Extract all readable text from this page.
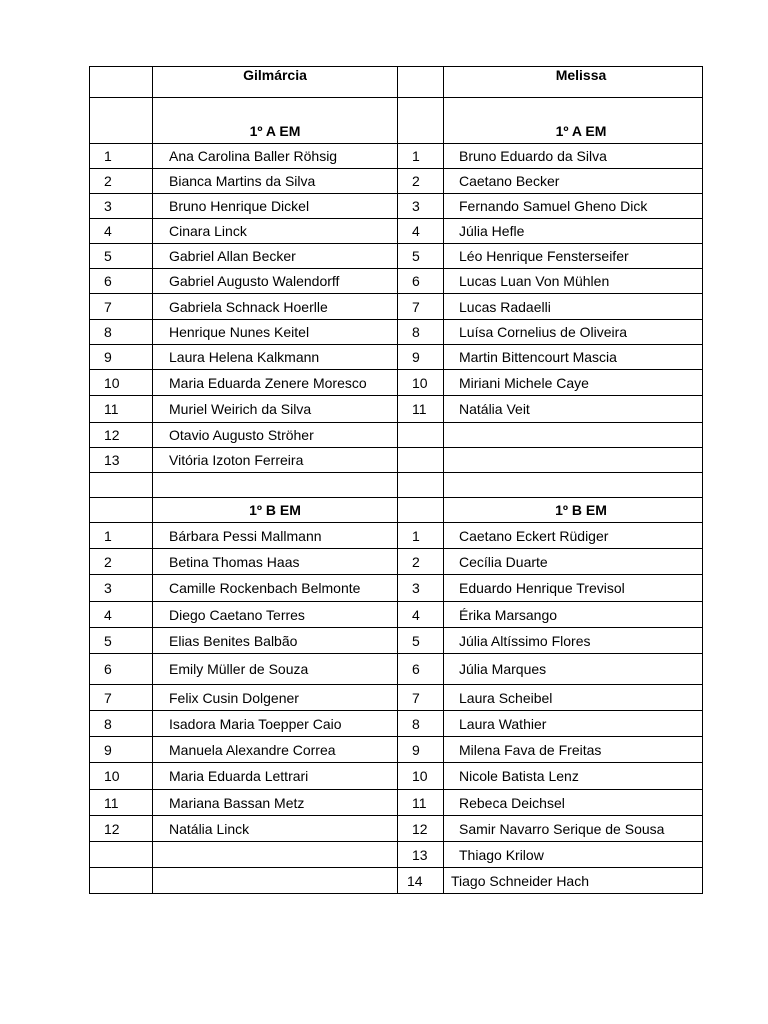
	Gilmárcia		Melissa
	1º A EM		1º A EM
1	Ana Carolina Baller Röhsig	1	Bruno Eduardo da Silva
2	Bianca Martins da Silva	2	Caetano Becker
3	Bruno Henrique Dickel	3	Fernando Samuel Gheno Dick
4	Cinara Linck	4	Júlia Hefle
5	Gabriel Allan Becker	5	Léo Henrique Fensterseifer
6	Gabriel Augusto Walendorff	6	Lucas Luan Von Mühlen
7	Gabriela Schnack Hoerlle	7	Lucas Radaelli
8	Henrique Nunes Keitel	8	Luísa Cornelius de Oliveira
9	Laura Helena Kalkmann	9	Martin Bittencourt Mascia
10	Maria Eduarda Zenere Moresco	10	Miriani Michele Caye
11	Muriel Weirich da Silva	11	Natália Veit
12	Otavio Augusto Ströher		
13	Vitória Izoton Ferreira		

	1º B EM		1º B EM
1	Bárbara Pessi Mallmann	1	Caetano Eckert Rüdiger
2	Betina Thomas Haas	2	Cecília Duarte
3	Camille Rockenbach Belmonte	3	Eduardo Henrique Trevisol
4	Diego Caetano Terres	4	Érika Marsango
5	Elias Benites Balbão	5	Júlia Altíssimo Flores
6	Emily Müller de Souza	6	Júlia Marques
7	Felix Cusin Dolgener	7	Laura Scheibel
8	Isadora Maria Toepper Caio	8	Laura Wathier
9	Manuela Alexandre Correa	9	Milena Fava de Freitas
10	Maria Eduarda Lettrari	10	Nicole Batista Lenz
11	Mariana Bassan Metz	11	Rebeca Deichsel
12	Natália Linck	12	Samir Navarro Serique de Sousa
		13	Thiago Krilow
		14	Tiago Schneider Hach
